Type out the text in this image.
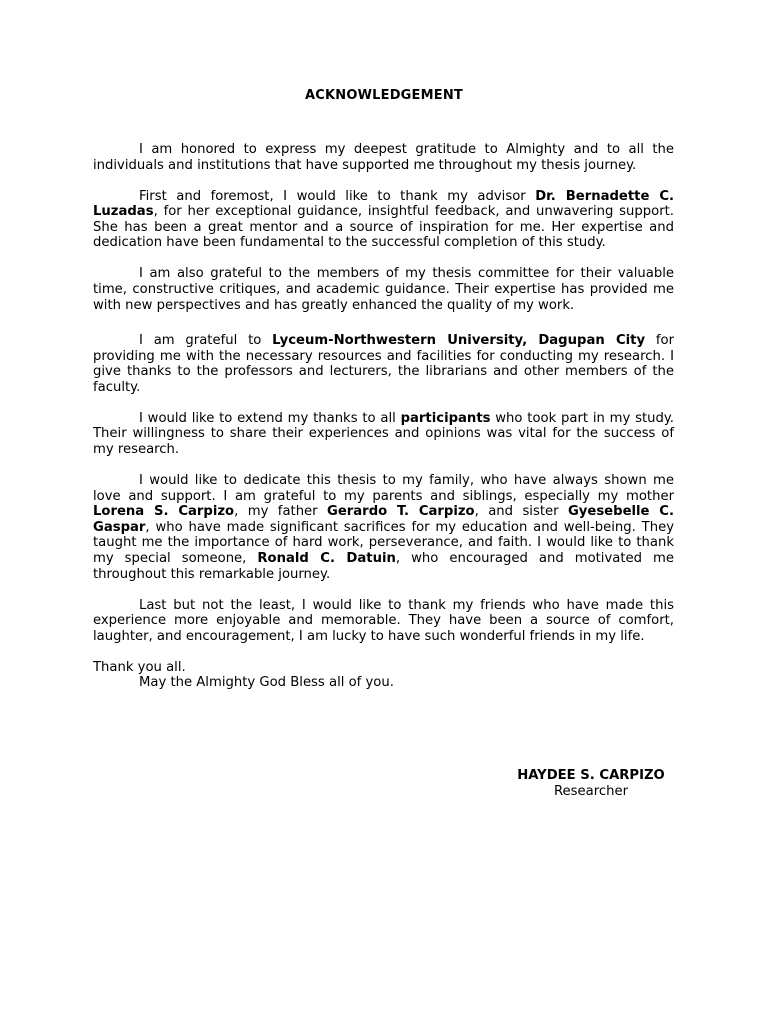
ACKNOWLEDGEMENT

I am honored to express my deepest gratitude to Almighty and to all the individuals and institutions that have supported me throughout my thesis journey.

First and foremost, I would like to thank my advisor Dr. Bernadette C. Luzadas, for her exceptional guidance, insightful feedback, and unwavering support. She has been a great mentor and a source of inspiration for me. Her expertise and dedication have been fundamental to the successful completion of this study.

I am also grateful to the members of my thesis committee for their valuable time, constructive critiques, and academic guidance. Their expertise has provided me with new perspectives and has greatly enhanced the quality of my work.

I am grateful to Lyceum-Northwestern University, Dagupan City for providing me with the necessary resources and facilities for conducting my research. I give thanks to the professors and lecturers, the librarians and other members of the faculty.

I would like to extend my thanks to all participants who took part in my study. Their willingness to share their experiences and opinions was vital for the success of my research.

I would like to dedicate this thesis to my family, who have always shown me love and support. I am grateful to my parents and siblings, especially my mother Lorena S. Carpizo, my father Gerardo T. Carpizo, and sister Gyesebelle C. Gaspar, who have made significant sacrifices for my education and well-being. They taught me the importance of hard work, perseverance, and faith. I would like to thank my special someone, Ronald C. Datuin, who encouraged and motivated me throughout this remarkable journey.

Last but not the least, I would like to thank my friends who have made this experience more enjoyable and memorable. They have been a source of comfort, laughter, and encouragement, I am lucky to have such wonderful friends in my life.

Thank you all.
May the Almighty God Bless all of you.
HAYDEE S. CARPIZO
Researcher
